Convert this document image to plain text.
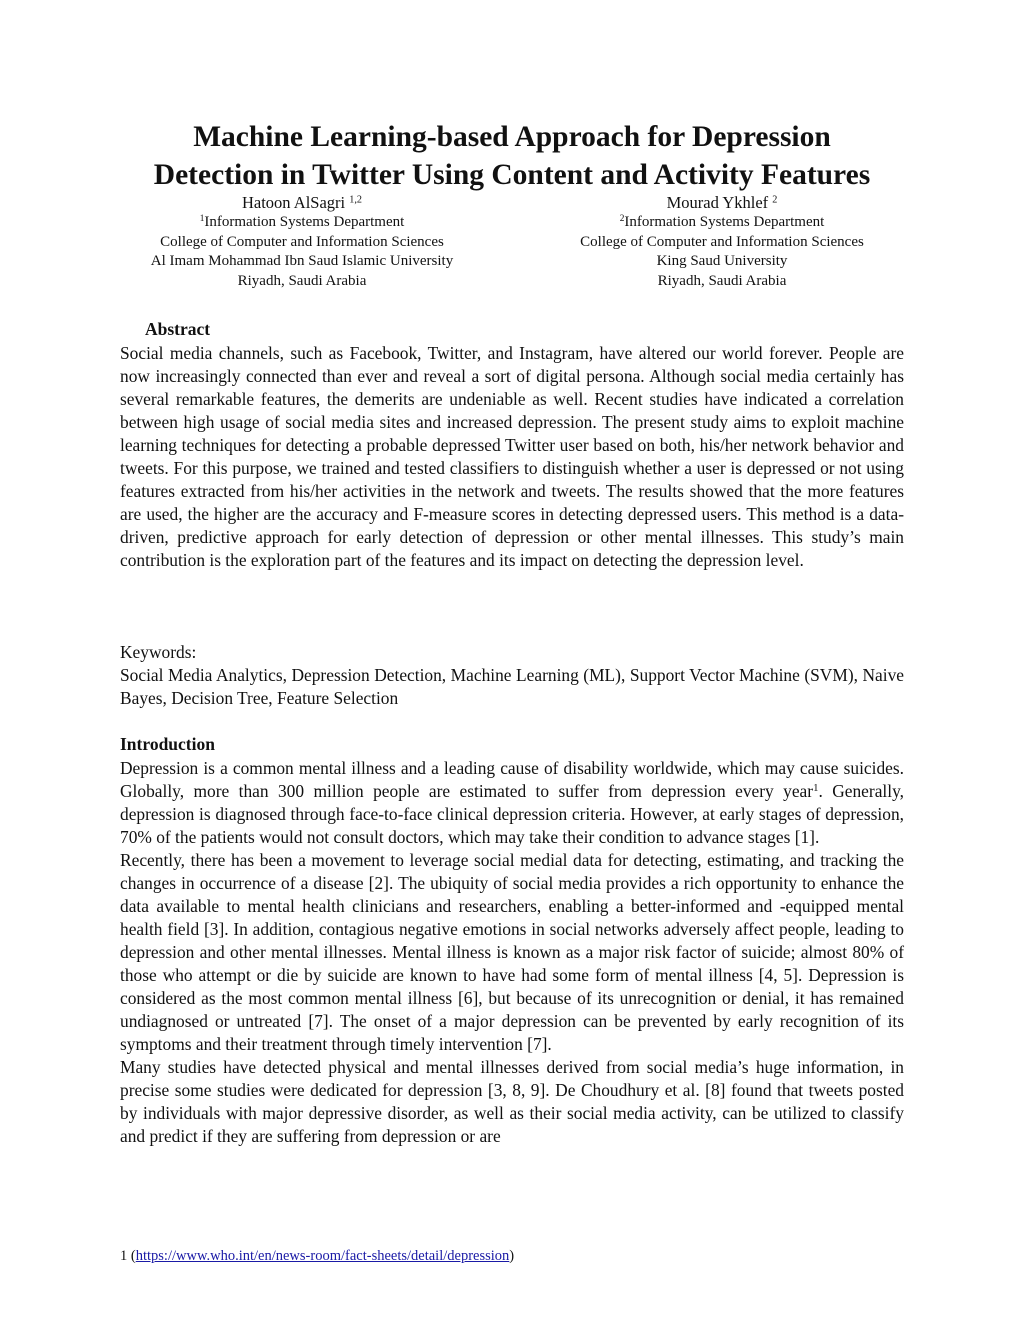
Machine Learning-based Approach for Depression
Detection in Twitter Using Content and Activity Features
Hatoon AlSagri $^{1,2}$
$^1$Information Systems Department
College of Computer and Information Sciences
Al Imam Mohammad Ibn Saud Islamic University
Riyadh, Saudi Arabia
Mourad Ykhlef $^2$
$^2$Information Systems Department
College of Computer and Information Sciences
King Saud University
Riyadh, Saudi Arabia
Abstract

Social media channels, such as Facebook, Twitter, and Instagram, have altered our world forever. People are now increasingly connected than ever and reveal a sort of digital persona. Although social media certainly has several remarkable features, the demerits are undeniable as well. Recent studies have indicated a correlation between high usage of social media sites and increased depression. The present study aims to exploit machine learning techniques for detecting a probable depressed Twitter user based on both, his/her network behavior and tweets. For this purpose, we trained and tested classifiers to distinguish whether a user is depressed or not using features extracted from his/her activities in the network and tweets. The results showed that the more features are used, the higher are the accuracy and F-measure scores in detecting depressed users. This method is a data-driven, predictive approach for early detection of depression or other mental illnesses. This study’s main contribution is the exploration part of the features and its impact on detecting the depression level.

Keywords:

Social Media Analytics, Depression Detection, Machine Learning (ML), Support Vector Machine (SVM), Naive Bayes, Decision Tree, Feature Selection

Introduction

Depression is a common mental illness and a leading cause of disability worldwide, which may cause suicides. Globally, more than 300 million people are estimated to suffer from depression every year$^1$. Generally, depression is diagnosed through face-to-face clinical depression criteria. However, at early stages of depression, 70% of the patients would not consult doctors, which may take their condition to advance stages [1].

Recently, there has been a movement to leverage social medial data for detecting, estimating, and tracking the changes in occurrence of a disease [2]. The ubiquity of social media provides a rich opportunity to enhance the data available to mental health clinicians and researchers, enabling a better-informed and -equipped mental health field [3]. In addition, contagious negative emotions in social networks adversely affect people, leading to depression and other mental illnesses. Mental illness is known as a major risk factor of suicide; almost 80% of those who attempt or die by suicide are known to have had some form of mental illness [4, 5]. Depression is considered as the most common mental illness [6], but because of its unrecognition or denial, it has remained undiagnosed or untreated [7]. The onset of a major depression can be prevented by early recognition of its symptoms and their treatment through timely intervention [7].

Many studies have detected physical and mental illnesses derived from social media’s huge information, in precise some studies were dedicated for depression [3, 8, 9]. De Choudhury et al. [8] found that tweets posted by individuals with major depressive disorder, as well as their social media activity, can be utilized to classify and predict if they are suffering from depression or are

1 (https://www.who.int/en/news-room/fact-sheets/detail/depression)
